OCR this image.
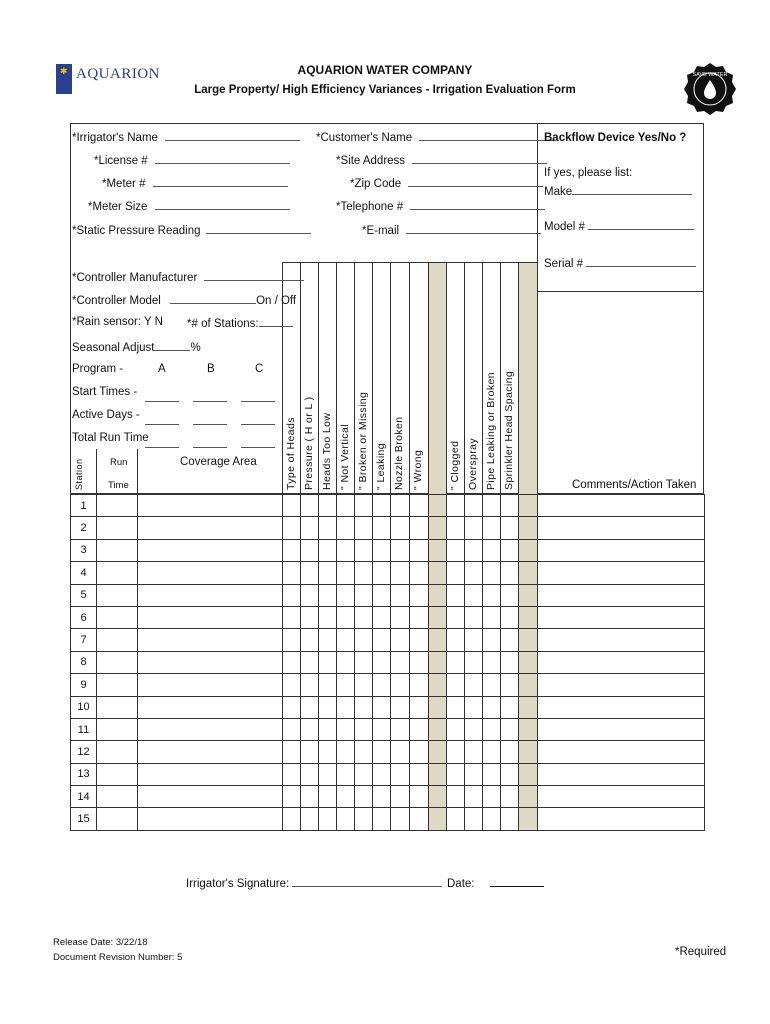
✱ AQUARION	AQUARION WATER COMPANY
Large Property/ High Efficiency Variances - Irrigation Evaluation Form
SAVE WATER
*Irrigator's Name
*License #
*Meter #
*Meter Size
*Static Pressure Reading
*Customer's Name
*Site Address
*Zip Code
*Telephone #
*E-mail
Backflow Device Yes/No ?
If yes, please list:
Make
Model #
Serial #
*Controller Manufacturer
*Controller Model	On / Off
*Rain sensor: Y N *# of Stations:
Seasonal Adjust	%
Program -	A	B	C
Start Times -
Active Days -
Total Run Time
Station	Run
Time
Coverage Area
Comments/Action Taken
Type of Heads Pressure ( H or L ) Heads Too Low " Not Vertical " Broken or Missing " Leaking Nozzle Broken " Wrong " Clogged Overspray Pipe Leaking or Broken Sprinkler Head Spacing
1																	
2																	
3																	
4																	
5																	
6																	
7																	
8																	
9																	
10																	
11																	
12																	
13																	
14																	
15																	
Irrigator's Signature:	Date:
Release Date: 3/22/18
Document Revision Number: 5	*Required
